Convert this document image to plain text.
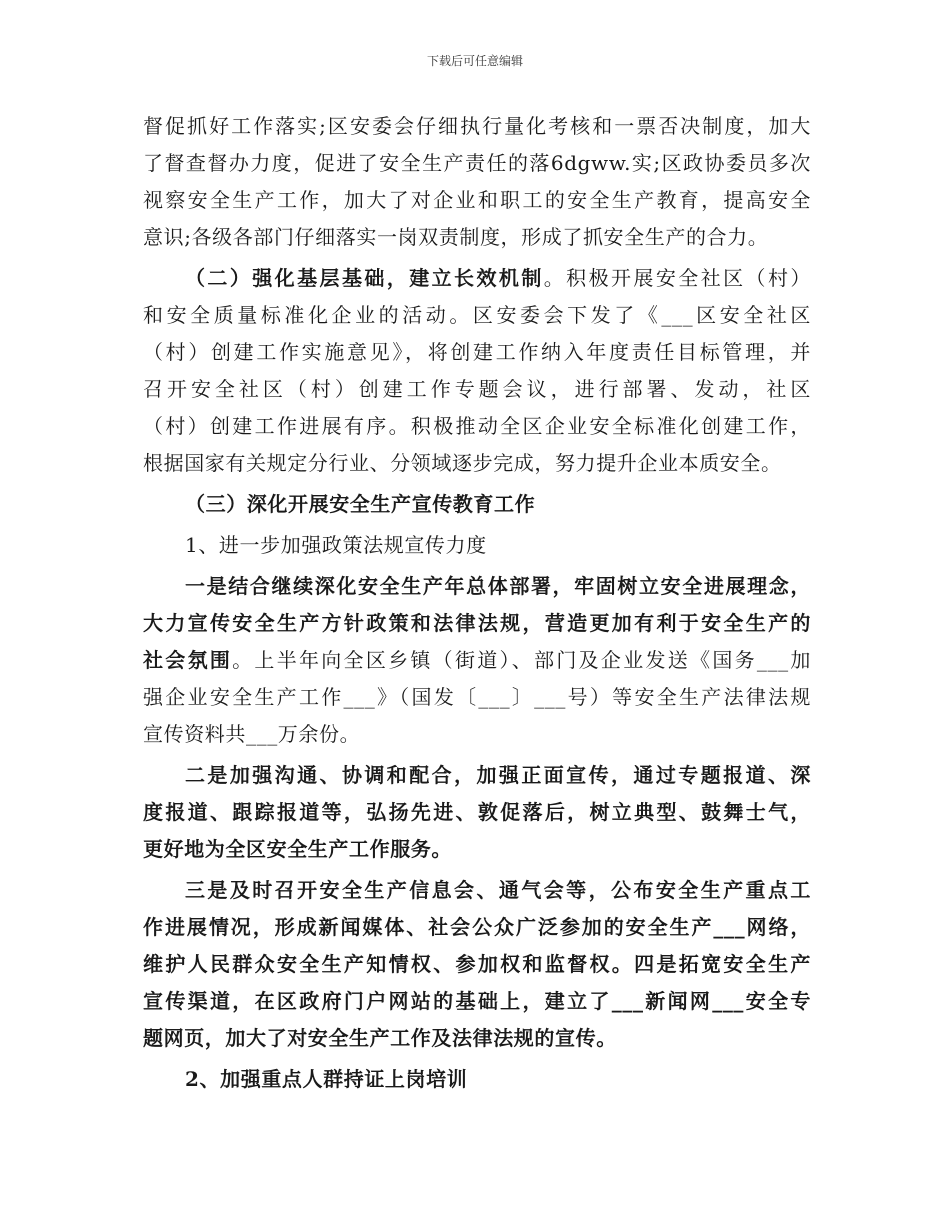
下载后可任意编辑
督促抓好工作落实;区安委会仔细执行量化考核和一票否决制度，加大
了督查督办力度，促进了安全生产责任的落6dgww.实;区政协委员多次
视察安全生产工作，加大了对企业和职工的安全生产教育，提高安全
意识;各级各部门仔细落实一岗双责制度，形成了抓安全生产的合力。
（二）强化基层基础，建立长效机制。积极开展安全社区（村）
和安全质量标准化企业的活动。区安委会下发了《___区安全社区
（村）创建工作实施意见》，将创建工作纳入年度责任目标管理，并
召开安全社区（村）创建工作专题会议，进行部署、发动，社区
（村）创建工作进展有序。积极推动全区企业安全标准化创建工作，
根据国家有关规定分行业、分领域逐步完成，努力提升企业本质安全。
（三）深化开展安全生产宣传教育工作
1、进一步加强政策法规宣传力度
一是结合继续深化安全生产年总体部署，牢固树立安全进展理念，
大力宣传安全生产方针政策和法律法规，营造更加有利于安全生产的
社会氛围。上半年向全区乡镇（街道）、部门及企业发送《国务___加
强企业安全生产工作___》（国发〔___〕___号）等安全生产法律法规
宣传资料共___万余份。
二是加强沟通、协调和配合，加强正面宣传，通过专题报道、深
度报道、跟踪报道等，弘扬先进、敦促落后，树立典型、鼓舞士气，
更好地为全区安全生产工作服务。
三是及时召开安全生产信息会、通气会等，公布安全生产重点工
作进展情况，形成新闻媒体、社会公众广泛参加的安全生产___网络，
维护人民群众安全生产知情权、参加权和监督权。四是拓宽安全生产
宣传渠道，在区政府门户网站的基础上，建立了___新闻网___安全专
题网页，加大了对安全生产工作及法律法规的宣传。
2、加强重点人群持证上岗培训
